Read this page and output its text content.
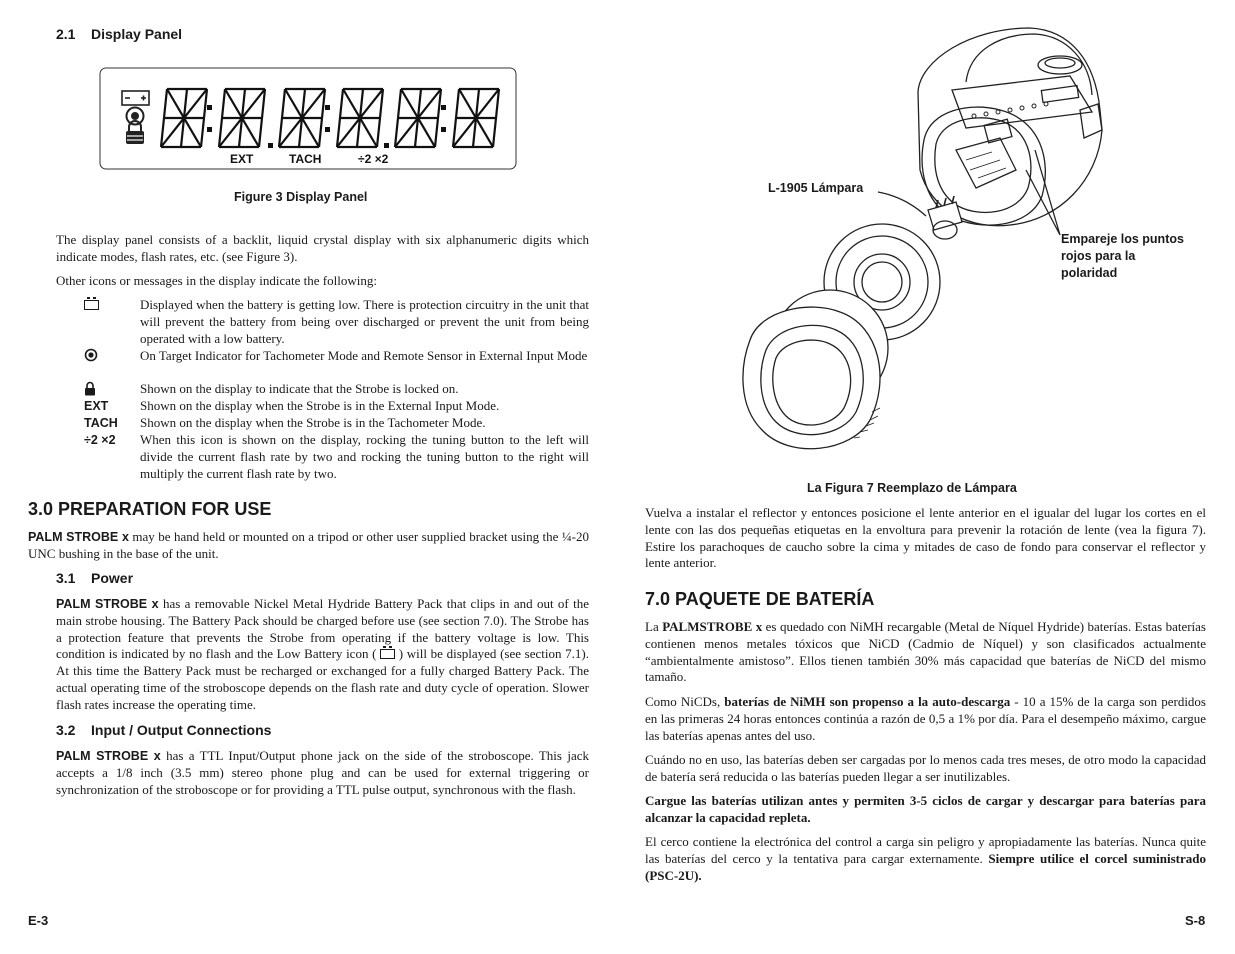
2.1    Display Panel
EXT	TACH	÷2 ×2
Figure 3 Display Panel

The display panel consists of a backlit, liquid crystal display with six alphanumeric digits which indicate modes, flash rates, etc. (see Figure 3).

Other icons or messages in the display indicate the following:

Displayed when the battery is getting low. There is protection circuitry in the unit that will prevent the battery from being over discharged or prevent the unit from being operated with a low battery.
On Target Indicator for Tachometer Mode and Remote Sensor in External Input Mode
Shown on the display to indicate that the Strobe is locked on.
EXT	Shown on the display when the Strobe is in the External Input Mode.
TACH	Shown on the display when the Strobe is in the Tachometer Mode.
÷2 ×2	When this icon is shown on the display, rocking the tuning button to the left will divide the current flash rate by two and rocking the tuning button to the right will multiply the current flash rate by two.
3.0 PREPARATION FOR USE

PALM STROBE x may be hand held or mounted on a tripod or other user supplied bracket using the ¼-20 UNC bushing in the base of the unit.

3.1    Power

PALM STROBE x has a removable Nickel Metal Hydride Battery Pack that clips in and out of the main strobe housing. The Battery Pack should be charged before use (see section 7.0). The Strobe has a protection feature that prevents the Strobe from operating if the battery voltage is low. This condition is indicated by no flash and the Low Battery icon (  ) will be displayed (see section 7.1). At this time the Battery Pack must be recharged or exchanged for a fully charged Battery Pack. The actual operating time of the stroboscope depends on the flash rate and duty cycle of operation. Slower flash rates increase the operating time.

3.2    Input / Output Connections

PALM STROBE x has a TTL Input/Output phone jack on the side of the stroboscope. This jack accepts a 1/8 inch (3.5 mm) stereo phone plug and can be used for external triggering or synchronization of the stroboscope or for providing a TTL pulse output, synchronous with the flash.

E-3
L-1905 Lámpara
Empareje los puntos rojos para la polaridad
La Figura 7 Reemplazo de Lámpara

Vuelva a instalar el reflector y entonces posicione el lente anterior en el igualar del lugar los cortes en el lente con las dos pequeñas etiquetas en la envoltura para prevenir la rotación de lente (vea la figura 7). Estire los parachoques de caucho sobre la cima y mitades de caso de fondo para conservar el reflector y lente anterior.

7.0 PAQUETE DE BATERÍA

La PALMSTROBE x es quedado con NiMH recargable (Metal de Níquel Hydride) baterías. Estas baterías contienen menos metales tóxicos que NiCD (Cadmio de Níquel) y son clasificados actualmente “ambientalmente amistoso”. Ellos tienen también 30% más capacidad que baterías de NiCD del mismo tamaño.

Como NiCDs, baterías de NiMH son propenso a la auto-descarga - 10 a 15% de la carga son perdidos en las primeras 24 horas entonces continúa a razón de 0,5 a 1% por día. Para el desempeño máximo, cargue las baterías apenas antes del uso.

Cuándo no en uso, las baterías deben ser cargadas por lo menos cada tres meses, de otro modo la capacidad de batería será reducida o las baterías pueden llegar a ser inutilizables.

Cargue las baterías utilizan antes y permiten 3-5 ciclos de cargar y descargar para baterías para alcanzar la capacidad repleta.

El cerco contiene la electrónica del control a carga sin peligro y apropiadamente las baterías. Nunca quite las baterías del cerco y la tentativa para cargar externamente. Siempre utilice el corcel suministrado (PSC-2U).

S-8
